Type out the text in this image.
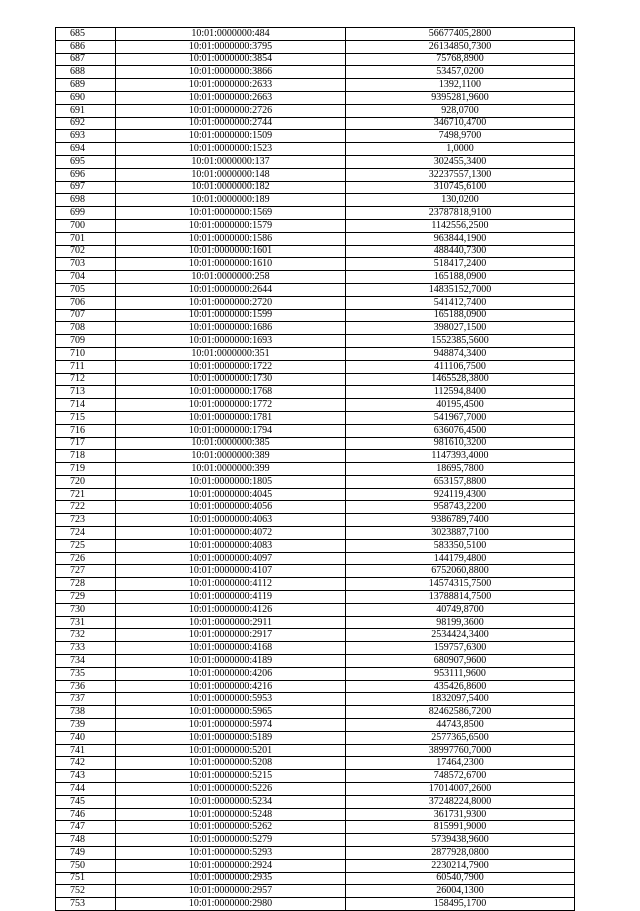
685	10:01:0000000:484	56677405,2800
686	10:01:0000000:3795	26134850,7300
687	10:01:0000000:3854	75768,8900
688	10:01:0000000:3866	53457,0200
689	10:01:0000000:2633	1392,1100
690	10:01:0000000:2663	9395281,9600
691	10:01:0000000:2726	928,0700
692	10:01:0000000:2744	346710,4700
693	10:01:0000000:1509	7498,9700
694	10:01:0000000:1523	1,0000
695	10:01:0000000:137	302455,3400
696	10:01:0000000:148	32237557,1300
697	10:01:0000000:182	310745,6100
698	10:01:0000000:189	130,0200
699	10:01:0000000:1569	23787818,9100
700	10:01:0000000:1579	1142556,2500
701	10:01:0000000:1586	963844,1900
702	10:01:0000000:1601	488440,7300
703	10:01:0000000:1610	518417,2400
704	10:01:0000000:258	165188,0900
705	10:01:0000000:2644	14835152,7000
706	10:01:0000000:2720	541412,7400
707	10:01:0000000:1599	165188,0900
708	10:01:0000000:1686	398027,1500
709	10:01:0000000:1693	1552385,5600
710	10:01:0000000:351	948874,3400
711	10:01:0000000:1722	411106,7500
712	10:01:0000000:1730	1465528,3800
713	10:01:0000000:1768	112594,8400
714	10:01:0000000:1772	40195,4500
715	10:01:0000000:1781	541967,7000
716	10:01:0000000:1794	636076,4500
717	10:01:0000000:385	981610,3200
718	10:01:0000000:389	1147393,4000
719	10:01:0000000:399	18695,7800
720	10:01:0000000:1805	653157,8800
721	10:01:0000000:4045	924119,4300
722	10:01:0000000:4056	958743,2200
723	10:01:0000000:4063	9386789,7400
724	10:01:0000000:4072	3023887,7100
725	10:01:0000000:4083	583350,5100
726	10:01:0000000:4097	144179,4800
727	10:01:0000000:4107	6752060,8800
728	10:01:0000000:4112	14574315,7500
729	10:01:0000000:4119	13788814,7500
730	10:01:0000000:4126	40749,8700
731	10:01:0000000:2911	98199,3600
732	10:01:0000000:2917	2534424,3400
733	10:01:0000000:4168	159757,6300
734	10:01:0000000:4189	680907,9600
735	10:01:0000000:4206	953111,9600
736	10:01:0000000:4216	435426,8600
737	10:01:0000000:5953	1832097,5400
738	10:01:0000000:5965	82462586,7200
739	10:01:0000000:5974	44743,8500
740	10:01:0000000:5189	2577365,6500
741	10:01:0000000:5201	38997760,7000
742	10:01:0000000:5208	17464,2300
743	10:01:0000000:5215	748572,6700
744	10:01:0000000:5226	17014007,2600
745	10:01:0000000:5234	37248224,8000
746	10:01:0000000:5248	361731,9300
747	10:01:0000000:5262	815991,9000
748	10:01:0000000:5279	5739438,9600
749	10:01:0000000:5293	2877928,0800
750	10:01:0000000:2924	2230214,7900
751	10:01:0000000:2935	60540,7900
752	10:01:0000000:2957	26004,1300
753	10:01:0000000:2980	158495,1700
